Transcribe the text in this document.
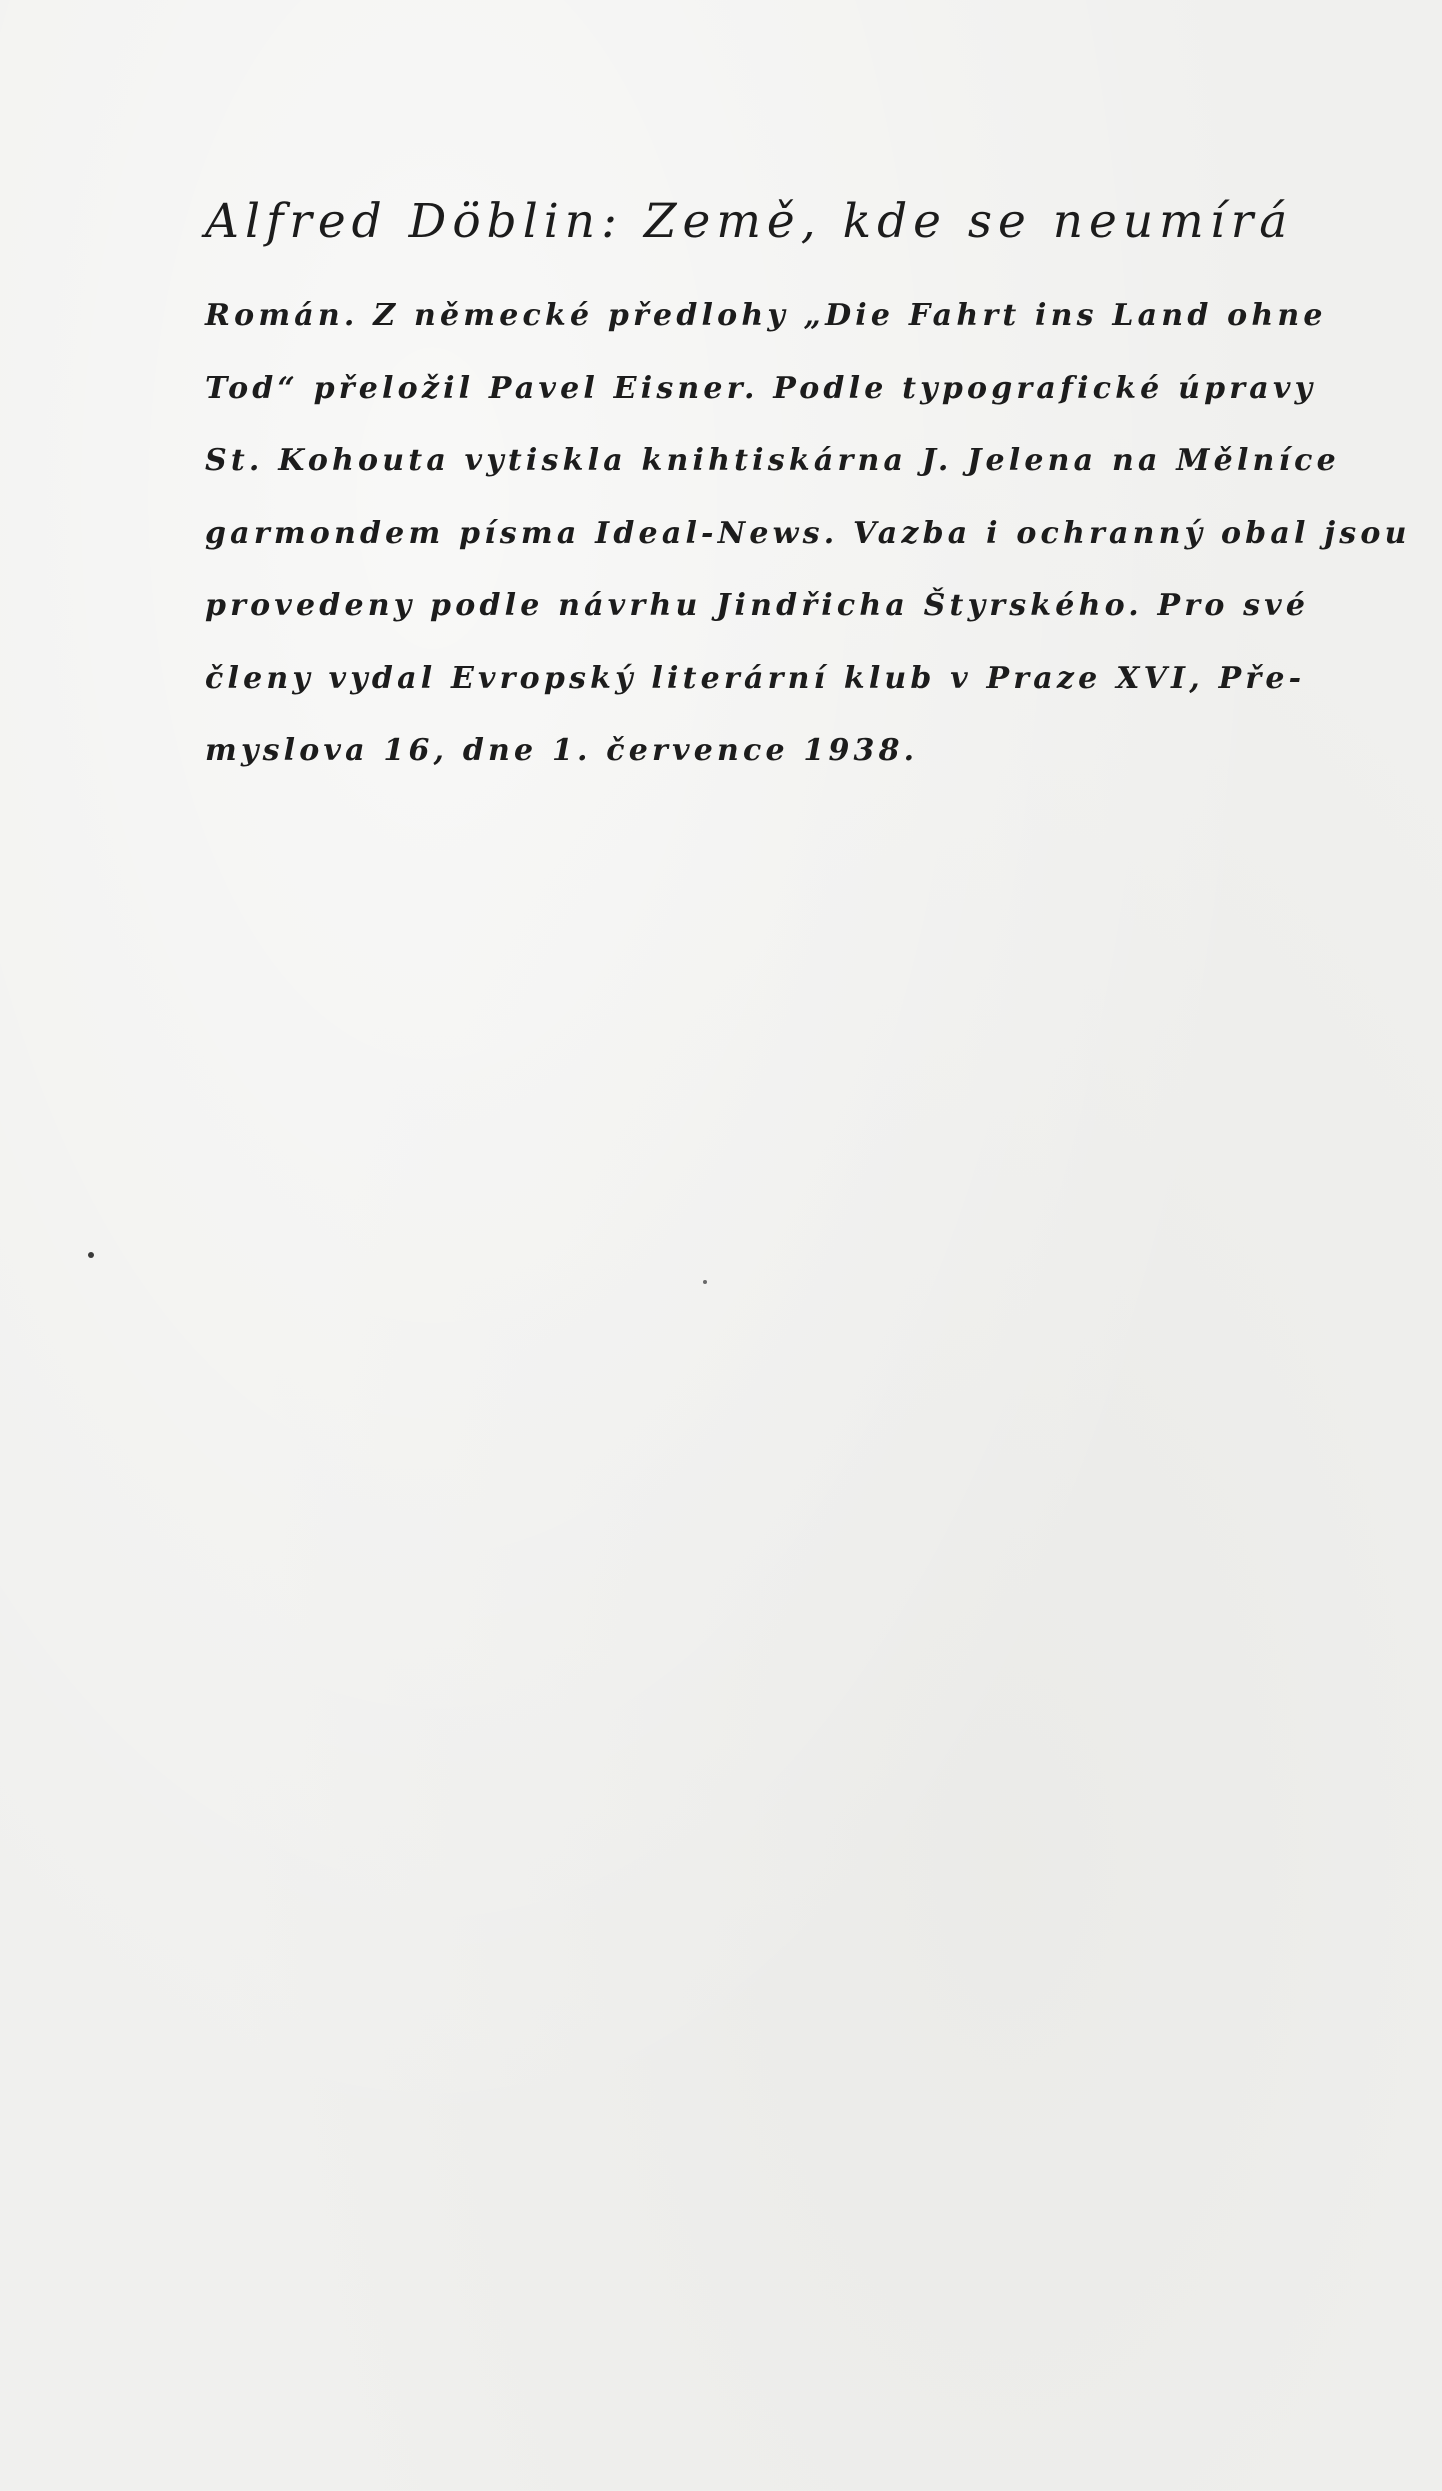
Alfred Döblin: Země, kde se neumírá

Román. Z německé předlohy „Die Fahrt ins Land ohne

Tod“ přeložil Pavel Eisner. Podle typografické úpravy

St. Kohouta vytiskla knihtiskárna J. Jelena na Mělníce

garmondem písma Ideal-News. Vazba i ochranný obal jsou

provedeny podle návrhu Jindřicha Štyrského. Pro své

členy vydal Evropský literární klub v Praze XVI, Pře-

myslova 16, dne 1. července 1938.
